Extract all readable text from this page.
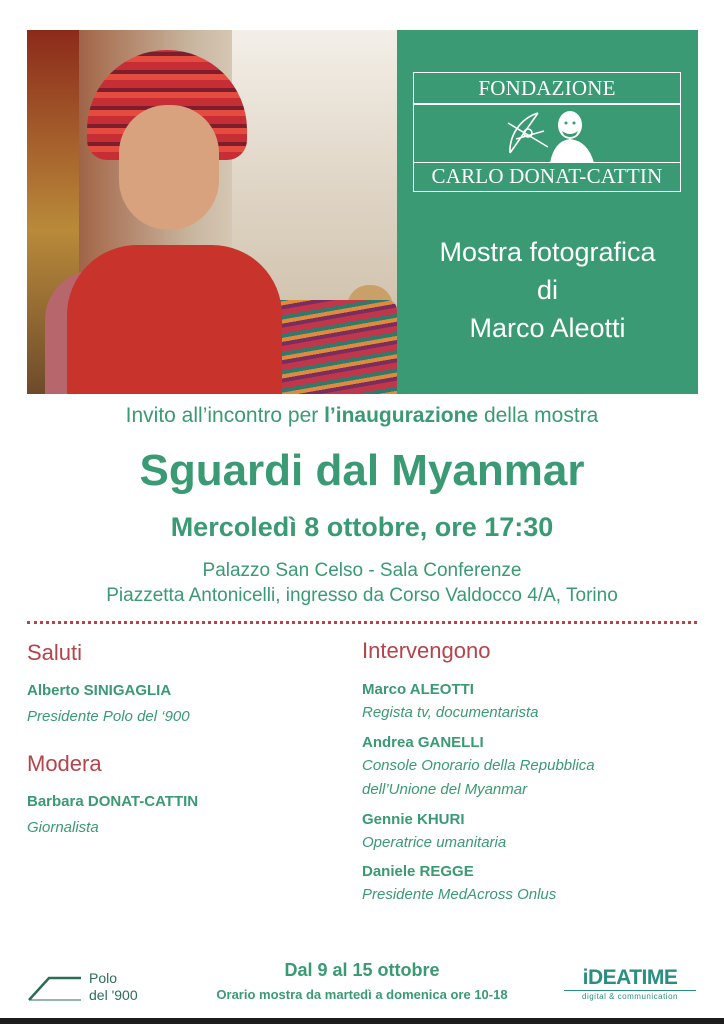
FONDAZIONE
CARLO DONAT-CATTIN
Mostra fotografica
di
Marco Aleotti
Invito all’incontro per l’inaugurazione della mostra
Sguardi dal Myanmar
Mercoledì 8 ottobre, ore 17:30
Palazzo San Celso - Sala Conferenze
Piazzetta Antonicelli, ingresso da Corso Valdocco 4/A, Torino
Saluti
Alberto SINIGAGLIA
Presidente Polo del ‘900
Modera
Barbara DONAT-CATTIN
Giornalista
Intervengono
Marco ALEOTTI
Regista tv, documentarista
Andrea GANELLI
Console Onorario della Repubblica
dell’Unione del Myanmar
Gennie KHURI
Operatrice umanitaria
Daniele REGGE
Presidente MedAcross Onlus
Polo
del '900
Dal 9 al 15 ottobre
Orario mostra da martedì a domenica ore 10-18
iDEATIME
digital & communication
